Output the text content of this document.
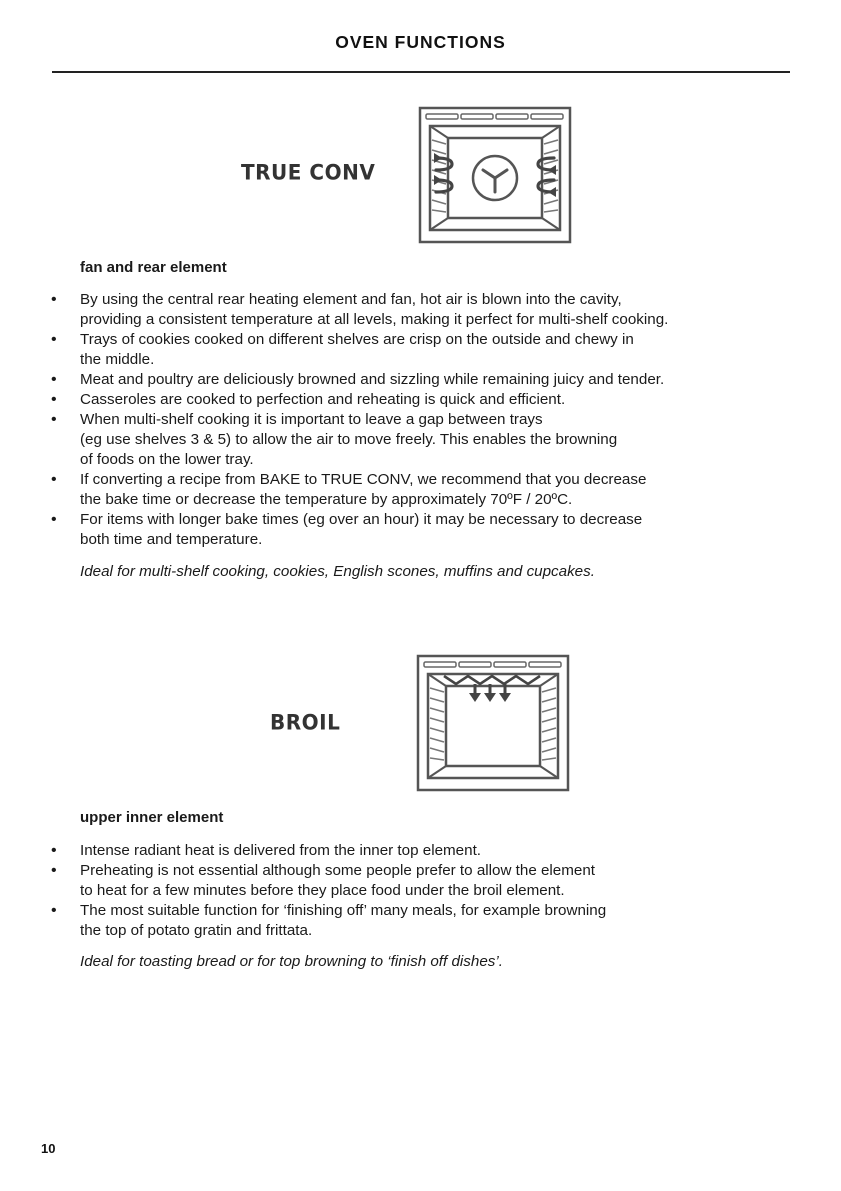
OVEN FUNCTIONS
TRUE CONV
fan and rear element
• By using the central rear heating element and fan, hot air is blown into the cavity,
providing a consistent temperature at all levels, making it perfect for multi-shelf cooking.
• Trays of cookies cooked on different shelves are crisp on the outside and chewy in
the middle.
• Meat and poultry are deliciously browned and sizzling while remaining juicy and tender.
• Casseroles are cooked to perfection and reheating is quick and efficient.
• When multi-shelf cooking it is important to leave a gap between trays
(eg use shelves 3 & 5) to allow the air to move freely. This enables the browning
of foods on the lower tray.
• If converting a recipe from BAKE to TRUE CONV, we recommend that you decrease
the bake time or decrease the temperature by approximately 70ºF / 20ºC.
• For items with longer bake times (eg over an hour) it may be necessary to decrease
both time and temperature.
Ideal for multi-shelf cooking, cookies, English scones, muffins and cupcakes.
BROIL
upper inner element
• Intense radiant heat is delivered from the inner top element.
• Preheating is not essential although some people prefer to allow the element
to heat for a few minutes before they place food under the broil element.
• The most suitable function for ‘finishing off’ many meals, for example browning
the top of potato gratin and frittata.
Ideal for toasting bread or for top browning to ‘finish off dishes’.
10
